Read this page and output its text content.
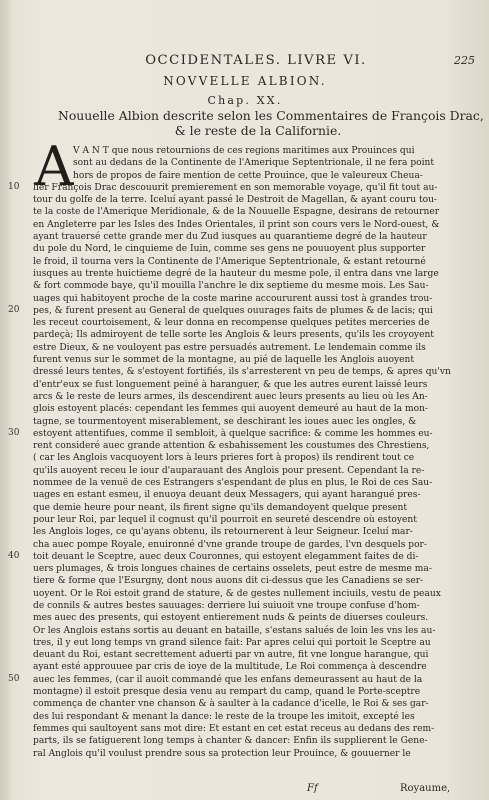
OCCIDENTALES. LIVRE VI.	225
NOVVELLE ALBION.
Chap. XX.
Nouuelle Albion descrite selon les Commentaires de François Drac,
& le reste de la Californie.
A V A N T que nous retournions de ces regions maritimes aux Prouinces qui
sont au dedans de la Continente de l'Amerique Septentrionale, il ne fera point
hors de propos de faire mention de cette Prouince, que le valeureux Cheua-
lier François Drac descouurit premierement en son memorable voyage, qu'il fit tout au-
tour du golfe de la terre. Iceluí ayant passé le Destroit de Magellan, & ayant couru tou-
te la coste de l'Amerique Meridionale, & de la Nouuelle Espagne, desirans de retourner
en Angleterre par les Isles des Indes Orientales, il print son cours vers le Nord-ouest, &
ayant trauersé cette grande mer du Zud iusques au quarantieme degré de la hauteur
du pole du Nord, le cinquieme de Iuin, comme ses gens ne pouuoyent plus supporter
le froid, il tourna vers la Continente de l'Amerique Septentrionale, & estant retourné
iusques au trente huictieme degré de la hauteur du mesme pole, il entra dans vne large
& fort commode baye, qu'il mouilla l'anchre le dix septieme du mesme mois. Les Sau-
uages qui habitoyent proche de la coste marine accoururent aussi tost à grandes trou-
pes, & furent present au General de quelques ouurages faits de plumes & de lacis; qui
les receut courtoisement, & leur donna en recompense quelques petites merceries de
pardeçà; Ils admiroyent de telle sorte les Anglois & leurs presents, qu'ils les croyoyent
estre Dieux, & ne vouloyent pas estre persuadés autrement. Le lendemain comme ils
furent venus sur le sommet de la montagne, au pié de laquelle les Anglois auoyent
dressé leurs tentes, & s'estoyent fortifiés, ils s'arresterent vn peu de temps, & apres qu'vn
d'entr'eux se fust longuement peiné à haranguer, & que les autres eurent laissé leurs
arcs & le reste de leurs armes, ils descendirent auec leurs presents au lieu où les An-
glois estoyent placés: cependant les femmes qui auoyent demeuré au haut de la mon-
tagne, se tourmentoyent miserablement, se deschirant les ioues auec les ongles, &
estoyent attentifues, comme il sembloit, à quelque sacrifice: & comme les hommes eu-
rent consideré auec grande attention & esbahissement les coustumes des Chrestiens,
( car les Anglois vacquoyent lors à leurs prieres fort à propos) ils rendirent tout ce
qu'ils auoyent receu le iour d'auparauant des Anglois pour present. Cependant la re-
nommee de la venuë de ces Estrangers s'espendant de plus en plus, le Roi de ces Sau-
uages en estant esmeu, il enuoya deuant deux Messagers, qui ayant harangué pres-
que demie heure pour neant, ils firent signe qu'ils demandoyent quelque present
pour leur Roi, par lequel il cognust qu'il pourroit en seureté descendre où estoyent
les Anglois loges, ce qu'ayans obtenu, ils retournerent à leur Seigneur. Iceluí mar-
cha auec pompe Royale, enuironné d'vne grande troupe de gardes, l'vn desquels por-
toit deuant le Sceptre, auec deux Couronnes, qui estoyent elegamment faites de di-
uers plumages, & trois longues chaines de certains osselets, peut estre de mesme ma-
tiere & forme que l'Esurgny, dont nous auons dit ci-dessus que les Canadiens se ser-
uoyent. Or le Roi estoit grand de stature, & de gestes nullement inciuils, vestu de peaux
de connils & autres bestes sauuages: derriere lui suiuoit vne troupe confuse d'hom-
mes auec des presents, qui estoyent entierement nuds & peints de diuerses couleurs.
Or les Anglois estans sortis au deuant en bataille, s'estans salués de loin les vns les au-
tres, il y eut long temps vn grand silence fait: Par apres celui qui portoit le Sceptre au
deuant du Roi, estant secrettement aduerti par vn autre, fit vne longue harangue, qui
ayant esté approuuee par cris de ioye de la multitude, Le Roi commença à descendre
auec les femmes, (car il auoit commandé que les enfans demeurassent au haut de la
montagne) il estoit presque desia venu au rempart du camp, quand le Porte-sceptre
commença de chanter vne chanson & à saulter à la cadance d'icelle, le Roi & ses gar-
des lui respondant & menant la dance: le reste de la troupe les imitoit, excepté les
femmes qui saultoyent sans mot dire: Et estant en cet estat receus au dedans des rem-
parts, ils se fatiguerent long temps à chanter & dancer: Enfin ils supplierent le Gene-
ral Anglois qu'il voulust prendre sous sa protection leur Prouince, & gouuerner le
10
20
30
40
50
Ff	Royaume,
